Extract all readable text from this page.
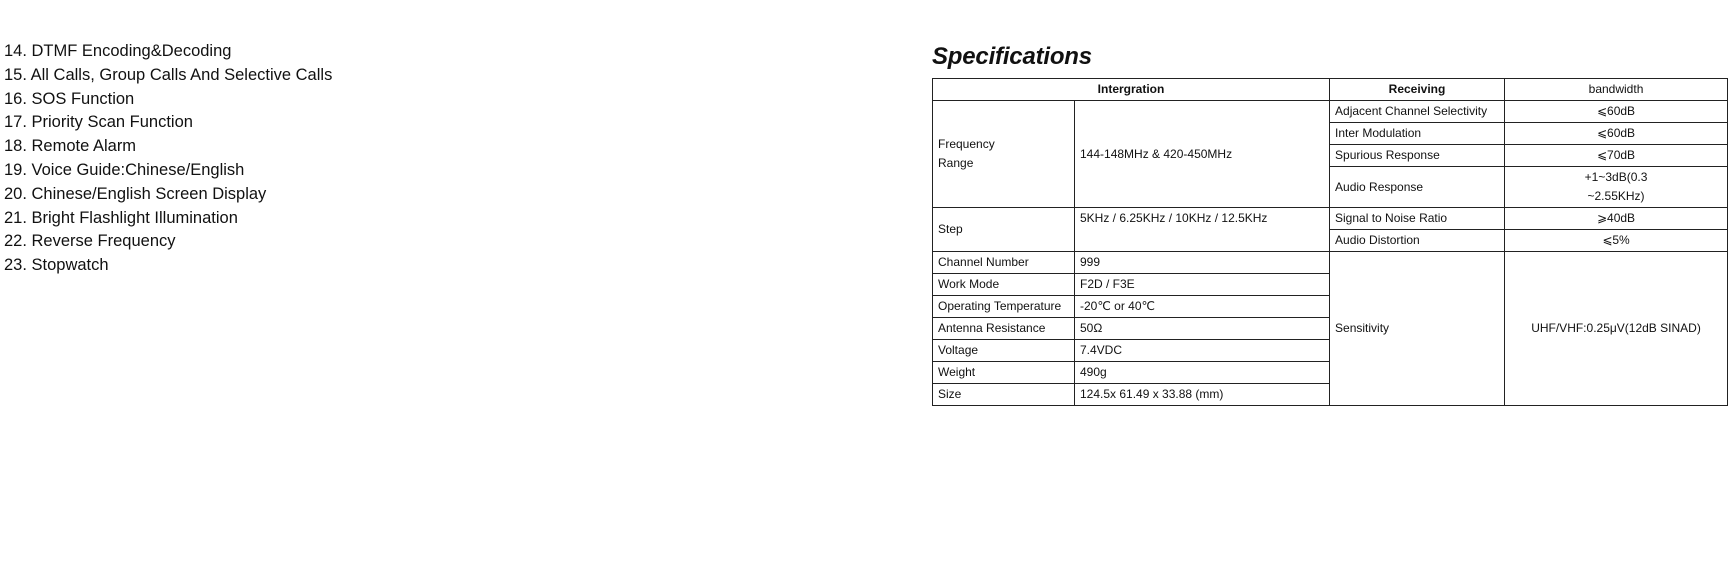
14. DTMF Encoding&Decoding
15. All Calls, Group Calls And Selective Calls
16. SOS Function
17. Priority Scan Function
18. Remote Alarm
19. Voice Guide:Chinese/English
20. Chinese/English Screen Display
21. Bright Flashlight Illumination
22. Reverse Frequency
23. Stopwatch
Specifications
Intergration		Receiving	bandwidth
Frequency
Range	144-148MHz & 420-450MHz	Adjacent Channel Selectivity	⩽60dB
		Inter Modulation	⩽60dB
		Spurious Response	⩽70dB
		Audio Response	+1~3dB(0.3
~2.55KHz)
Step	5KHz / 6.25KHz / 10KHz / 12.5KHz	Signal to Noise Ratio	⩾40dB
		Audio Distortion	⩽5%
Channel Number	999	Sensitivity	UHF/VHF:0.25μV(12dB SINAD)
Work Mode	F2D / F3E		
Operating Temperature	-20℃ or 40℃		
Antenna Resistance	50Ω		
Voltage	7.4VDC		
Weight	490g		
Size	124.5x 61.49 x 33.88 (mm)		
